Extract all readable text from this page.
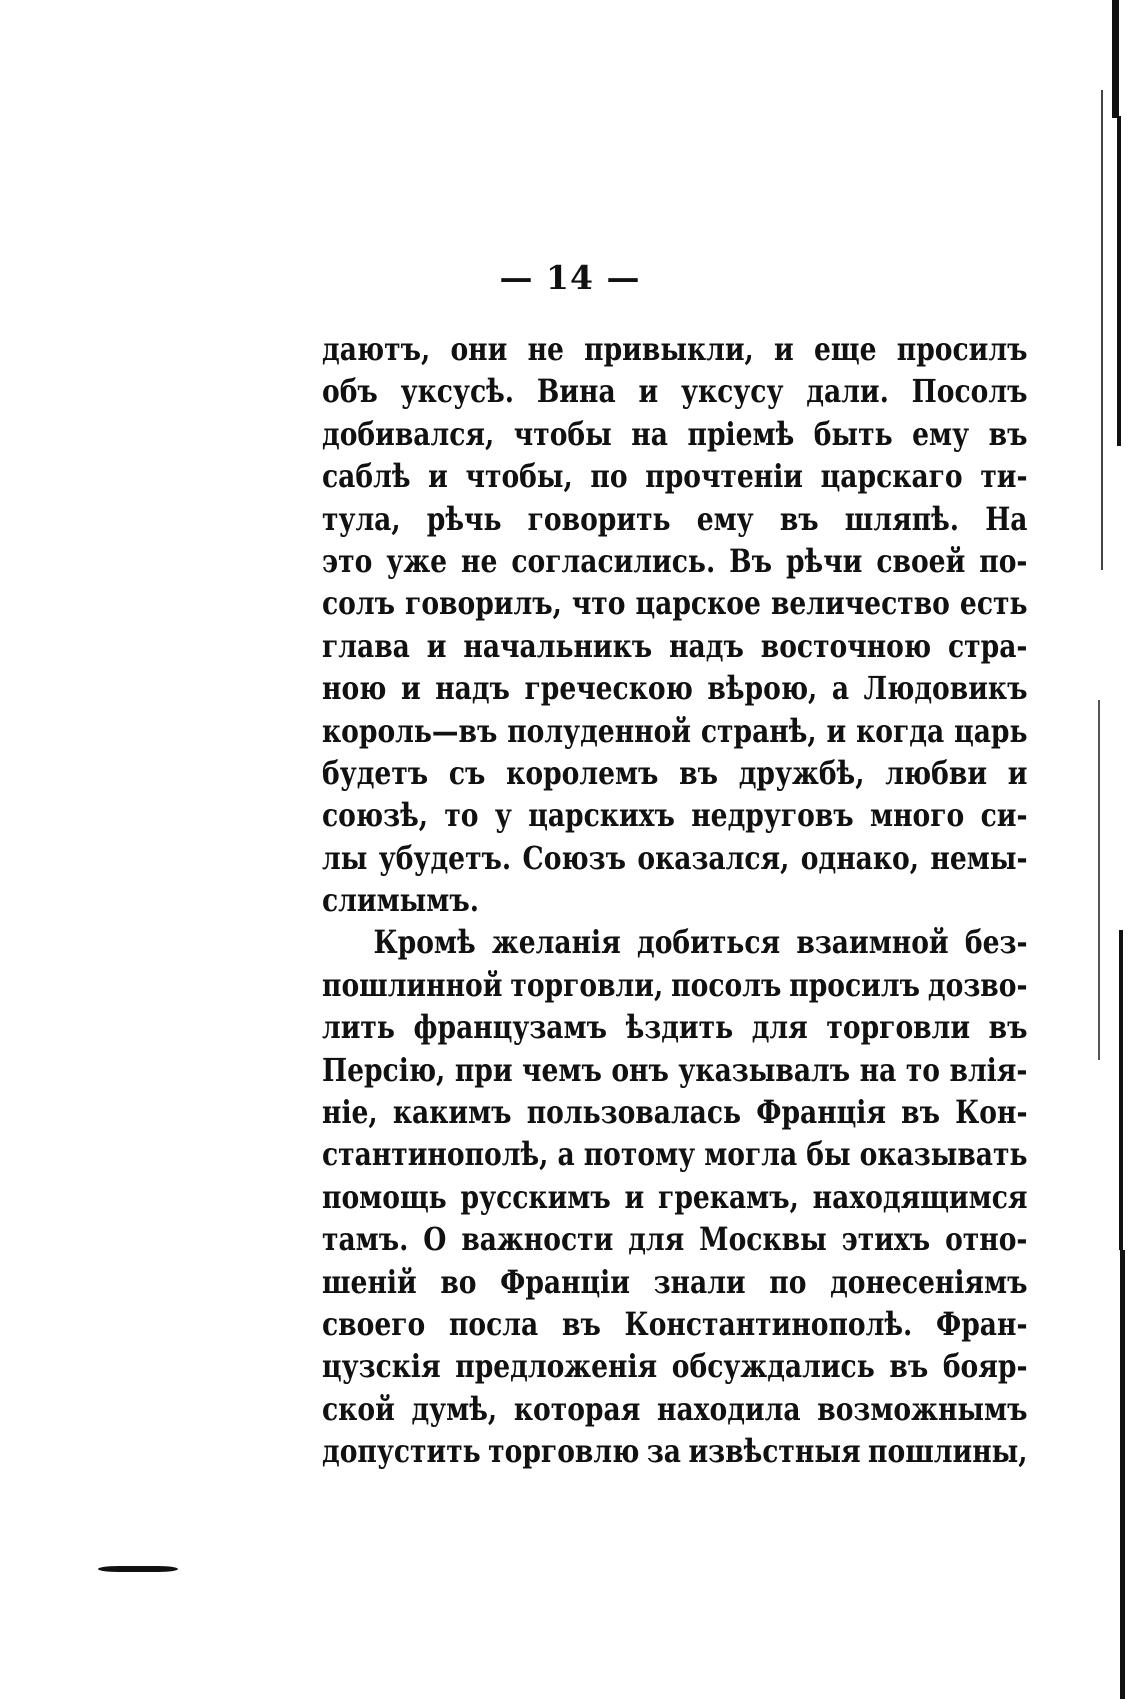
— 14 —
даютъ, они не привыкли, и еще просилъ
объ уксусѣ. Вина и уксусу дали. Посолъ
добивался, чтобы на пріемѣ быть ему въ
саблѣ и чтобы, по прочтеніи царскаго ти-
тула, рѣчь говорить ему въ шляпѣ. На
это уже не согласились. Въ рѣчи своей по-
солъ говорилъ, что царское величество есть
глава и начальникъ надъ восточною стра-
ною и надъ греческою вѣрою, а Людовикъ
король—въ полуденной странѣ, и когда царь
будетъ съ королемъ въ дружбѣ, любви и
союзѣ, то у царскихъ недруговъ много си-
лы убудетъ. Союзъ оказался, однако, немы-
слимымъ.
Кромѣ желанія добиться взаимной без-
пошлинной торговли, посолъ просилъ дозво-
лить французамъ ѣздить для торговли въ
Персію, при чемъ онъ указывалъ на то влія-
ніе, какимъ пользовалась Франція въ Кон-
стантинополѣ, а потому могла бы оказывать
помощь русскимъ и грекамъ, находящимся
тамъ. О важности для Москвы этихъ отно-
шеній во Франціи знали по донесеніямъ
своего посла въ Константинополѣ. Фран-
цузскія предложенія обсуждались въ бояр-
ской думѣ, которая находила возможнымъ
допустить торговлю за извѣстныя пошлины,
